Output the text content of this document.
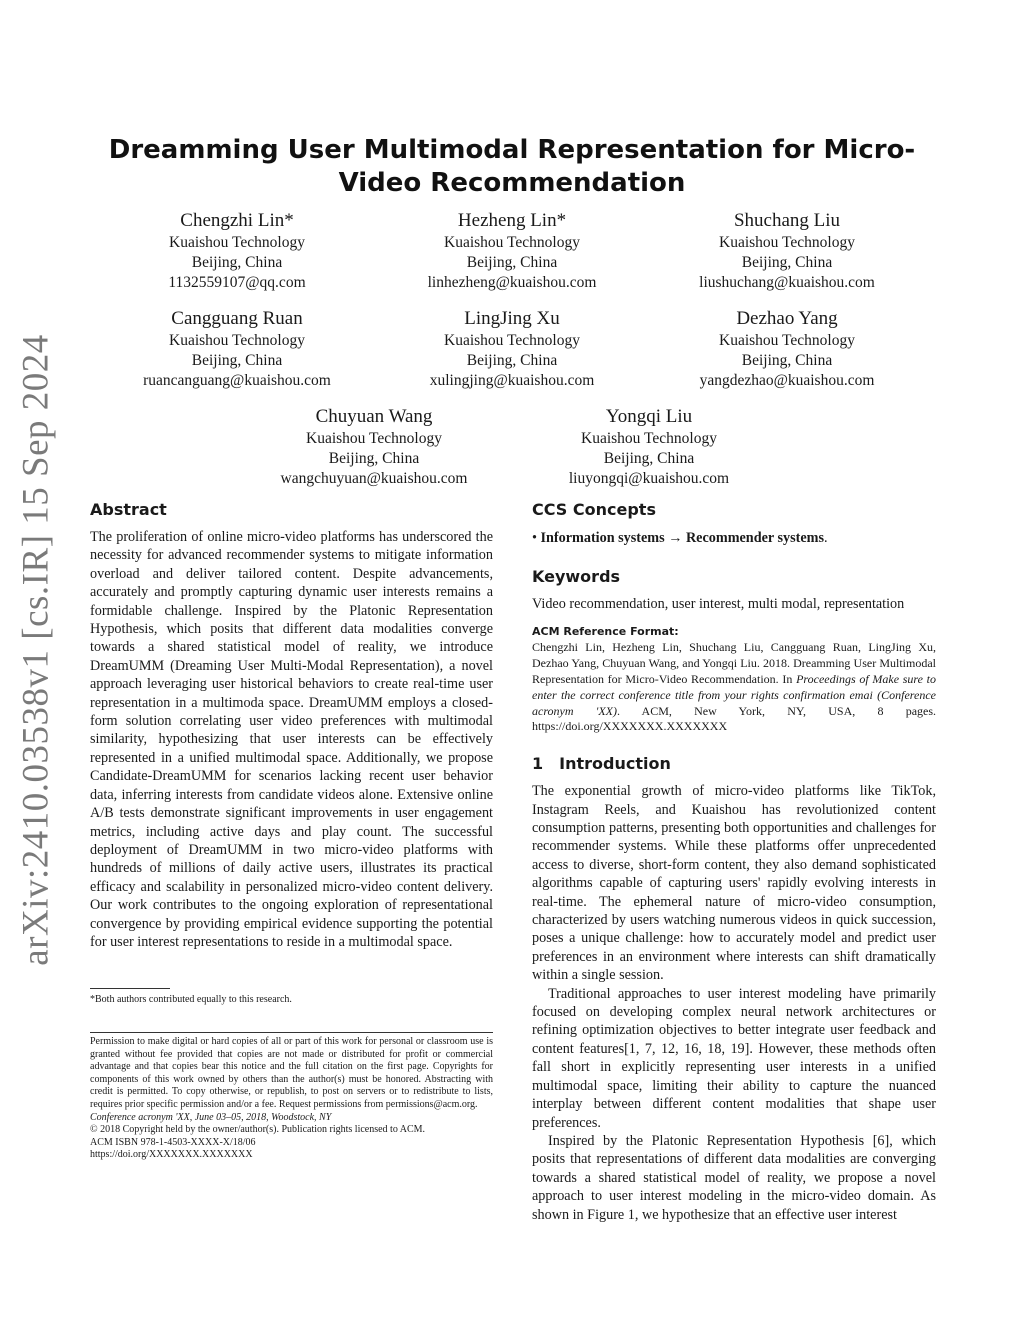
arXiv:2410.03538v1 [cs.IR] 15 Sep 2024
Dreamming User Multimodal Representation for Micro-Video Recommendation
Chengzhi Lin*
Kuaishou Technology
Beijing, China
1132559107@qq.com
Hezheng Lin*
Kuaishou Technology
Beijing, China
linhezheng@kuaishou.com
Shuchang Liu
Kuaishou Technology
Beijing, China
liushuchang@kuaishou.com
Cangguang Ruan
Kuaishou Technology
Beijing, China
ruancanguang@kuaishou.com
LingJing Xu
Kuaishou Technology
Beijing, China
xulingjing@kuaishou.com
Dezhao Yang
Kuaishou Technology
Beijing, China
yangdezhao@kuaishou.com
Chuyuan Wang
Kuaishou Technology
Beijing, China
wangchuyuan@kuaishou.com
Yongqi Liu
Kuaishou Technology
Beijing, China
liuyongqi@kuaishou.com
Abstract

The proliferation of online micro-video platforms has underscored the necessity for advanced recommender systems to mitigate information overload and deliver tailored content. Despite advancements, accurately and promptly capturing dynamic user interests remains a formidable challenge. Inspired by the Platonic Representation Hypothesis, which posits that different data modalities converge towards a shared statistical model of reality, we introduce DreamUMM (Dreaming User Multi-Modal Representation), a novel approach leveraging user historical behaviors to create real-time user representation in a multimoda space. DreamUMM employs a closed-form solution correlating user video preferences with multimodal similarity, hypothesizing that user interests can be effectively represented in a unified multimodal space. Additionally, we propose Candidate-DreamUMM for scenarios lacking recent user behavior data, inferring interests from candidate videos alone. Extensive online A/B tests demonstrate significant improvements in user engagement metrics, including active days and play count. The successful deployment of DreamUMM in two micro-video platforms with hundreds of millions of daily active users, illustrates its practical efficacy and scalability in personalized micro-video content delivery. Our work contributes to the ongoing exploration of representational convergence by providing empirical evidence supporting the potential for user interest representations to reside in a multimodal space.

*Both authors contributed equally to this research.
Permission to make digital or hard copies of all or part of this work for personal or classroom use is granted without fee provided that copies are not made or distributed for profit or commercial advantage and that copies bear this notice and the full citation on the first page. Copyrights for components of this work owned by others than the author(s) must be honored. Abstracting with credit is permitted. To copy otherwise, or republish, to post on servers or to redistribute to lists, requires prior specific permission and/or a fee. Request permissions from permissions@acm.org.
Conference acronym 'XX, June 03–05, 2018, Woodstock, NY
© 2018 Copyright held by the owner/author(s). Publication rights licensed to ACM.
ACM ISBN 978-1-4503-XXXX-X/18/06
https://doi.org/XXXXXXX.XXXXXXX
CCS Concepts
• Information systems → Recommender systems.
Keywords

Video recommendation, user interest, multi modal, representation

ACM Reference Format:

Chengzhi Lin, Hezheng Lin, Shuchang Liu, Cangguang Ruan, LingJing Xu, Dezhao Yang, Chuyuan Wang, and Yongqi Liu. 2018. Dreamming User Multimodal Representation for Micro-Video Recommendation. In Proceedings of Make sure to enter the correct conference title from your rights confirmation emai (Conference acronym 'XX). ACM, New York, NY, USA, 8 pages. https://doi.org/XXXXXXX.XXXXXXX

1 Introduction

The exponential growth of micro-video platforms like TikTok, Instagram Reels, and Kuaishou has revolutionized content consumption patterns, presenting both opportunities and challenges for recommender systems. While these platforms offer unprecedented access to diverse, short-form content, they also demand sophisticated algorithms capable of capturing users' rapidly evolving interests in real-time. The ephemeral nature of micro-video consumption, characterized by users watching numerous videos in quick succession, poses a unique challenge: how to accurately model and predict user preferences in an environment where interests can shift dramatically within a single session.

Traditional approaches to user interest modeling have primarily focused on developing complex neural network architectures or refining optimization objectives to better integrate user feedback and content features[1, 7, 12, 16, 18, 19]. However, these methods often fall short in explicitly representing user interests in a unified multimodal space, limiting their ability to capture the nuanced interplay between different content modalities that shape user preferences.

Inspired by the Platonic Representation Hypothesis [6], which posits that representations of different data modalities are converging towards a shared statistical model of reality, we propose a novel approach to user interest modeling in the micro-video domain. As shown in Figure 1, we hypothesize that an effective user interest
